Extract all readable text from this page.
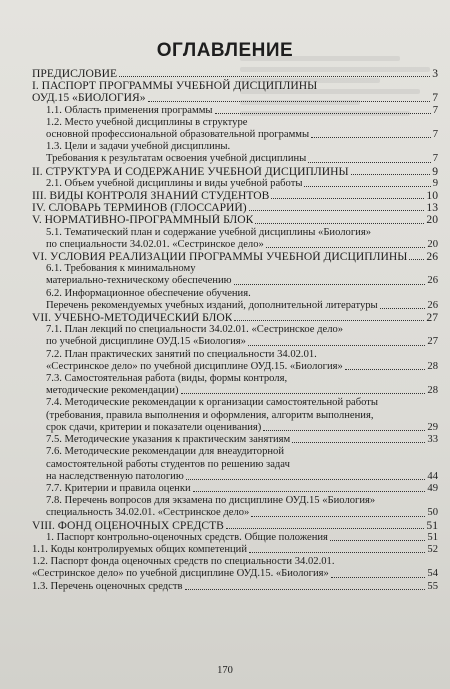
ОГЛАВЛЕНИЕ
ПРЕДИСЛОВИЕ	3
I. ПАСПОРТ ПРОГРАММЫ УЧЕБНОЙ ДИСЦИПЛИНЫ
ОУД.15 «БИОЛОГИЯ»	7
1.1. Область применения программы	7
1.2. Место учебной дисциплины в структуре
основной профессиональной образовательной программы	7
1.3. Цели и задачи учебной дисциплины.
Требования к результатам освоения учебной дисциплины	7
II. СТРУКТУРА И СОДЕРЖАНИЕ УЧЕБНОЙ ДИСЦИПЛИНЫ	9
2.1. Объем учебной дисциплины и виды учебной работы	9
III. ВИДЫ КОНТРОЛЯ ЗНАНИЙ СТУДЕНТОВ	10
IV. СЛОВАРЬ ТЕРМИНОВ (ГЛОССАРИЙ)	13
V. НОРМАТИВНО-ПРОГРАММНЫЙ БЛОК	20
5.1. Тематический план и содержание учебной дисциплины «Биология»
по специальности 34.02.01. «Сестринское дело»	20
VI. УСЛОВИЯ РЕАЛИЗАЦИИ ПРОГРАММЫ УЧЕБНОЙ ДИСЦИПЛИНЫ 26
6.1. Требования к минимальному
материально-техническому обеспечению	26
6.2. Информационное обеспечение обучения.
Перечень рекомендуемых учебных изданий, дополнительной литературы	26
VII. УЧЕБНО-МЕТОДИЧЕСКИЙ БЛОК	27
7.1. План лекций по специальности 34.02.01. «Сестринское дело»
по учебной дисциплине ОУД.15 «Биология»	27
7.2. План практических занятий по специальности 34.02.01.
«Сестринское дело» по учебной дисциплине ОУД.15. «Биология»	28
7.3. Самостоятельная работа (виды, формы контроля,
методические рекомендации)	28
7.4. Методические рекомендации к организации самостоятельной работы
(требования, правила выполнения и оформления, алгоритм выполнения,
срок сдачи, критерии и показатели оценивания)	29
7.5. Методические указания к практическим занятиям	33
7.6. Методические рекомендации для внеаудиторной
самостоятельной работы студентов по решению задач
на наследственную патологию	44
7.7. Критерии и правила оценки	49
7.8. Перечень вопросов для экзамена по дисциплине ОУД.15 «Биология»
специальность 34.02.01. «Сестринское дело»	50
VIII. ФОНД ОЦЕНОЧНЫХ СРЕДСТВ	51
1. Паспорт контрольно-оценочных средств. Общие положения	51
1.1. Коды контролируемых общих компетенций	52
1.2. Паспорт фонда оценочных средств по специальности 34.02.01.
«Сестринское дело» по учебной дисциплине ОУД.15. «Биология»	54
1.3. Перечень оценочных средств	55
170
